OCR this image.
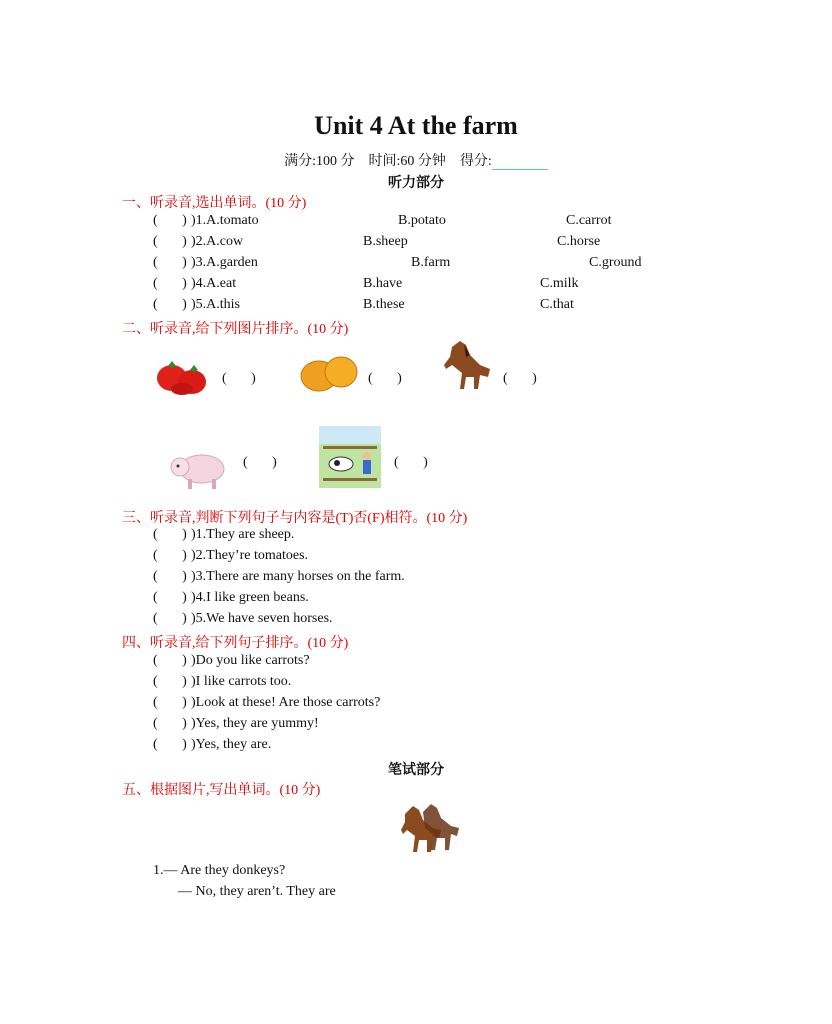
Unit 4 At the farm
满分:100 分 时间:60 分钟 得分:
听力部分
一、听录音,选出单词。(10 分)
(       ) )1.A.tomato	B.potato	C.carrot
(       ) )2.A.cow	B.sheep	C.horse
(       ) )3.A.garden	B.farm	C.ground
(       ) )4.A.eat	B.have	C.milk
(       ) )5.A.this	B.these	C.that
二、听录音,给下列图片排序。(10 分)
(       )	(       )	(       )
(       )	(       )
三、听录音,判断下列句子与内容是(T)否(F)相符。(10 分)
(       ) )1.They are sheep.
(       ) )2.They’re tomatoes.
(       ) )3.There are many horses on the farm.
(       ) )4.I like green beans.
(       ) )5.We have seven horses.
四、听录音,给下列句子排序。(10 分)
(       ) )Do you like carrots?
(       ) )I like carrots too.
(       ) )Look at these! Are those carrots?
(       ) )Yes, they are yummy!
(       ) )Yes, they are.
笔试部分
五、根据图片,写出单词。(10 分)
1.— Are they donkeys?
— No, they aren’t. They are
